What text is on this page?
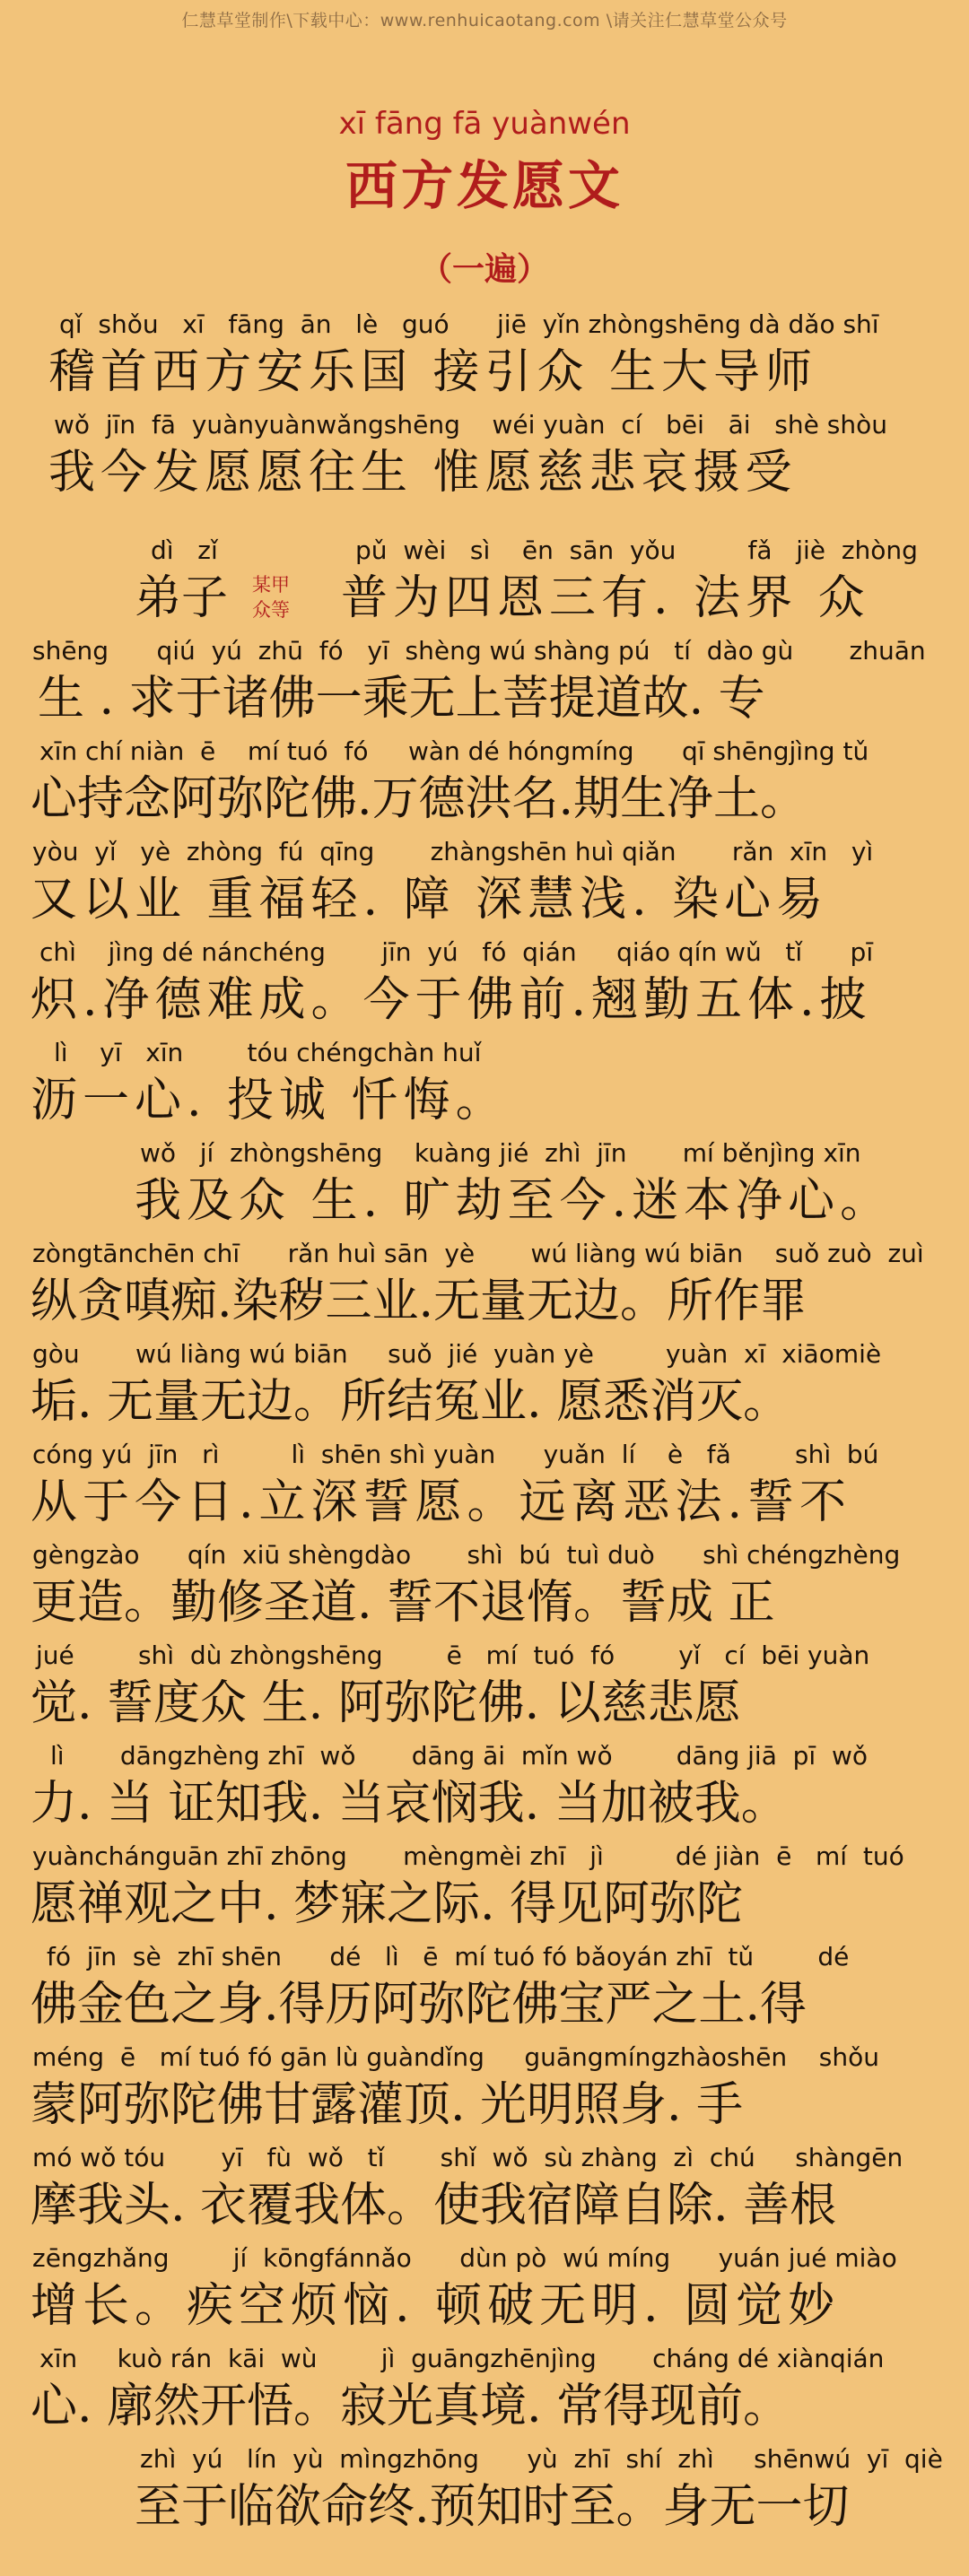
仁慧草堂制作\下载中心：www.renhuicaotang.com \请关注仁慧草堂公众号
xī fāng fā yuànwén
西方发愿文
（一遍）
qǐ  shǒu   xī   fāng  ān   lè   guó      jiē  yǐn zhòngshēng dà dǎo shī
稽首西方安乐国 接引众 生大导师
wǒ  jīn  fā  yuànyuànwǎngshēng    wéi yuàn  cí   bēi   āi   shè shòu
我今发愿愿往生 惟愿慈悲哀摄受
dì   zǐ
弟子	某甲
众等
pǔ  wèi   sì    ēn  sān  yǒu         fǎ   jiè  zhòng
普为四恩三有. 法界 众
shēng      qiú  yú  zhū  fó   yī  shèng wú shàng pú   tí  dào gù       zhuān
生 . 求于诸佛一乘无上菩提道故. 专
xīn chí niàn  ē    mí tuó  fó     wàn dé hóngmíng      qī shēngjìng tǔ
心持念阿弥陀佛.万德洪名.期生净土。
yòu  yǐ   yè  zhòng  fú  qīng       zhàngshēn huì qiǎn       rǎn  xīn   yì
又以业 重福轻. 障 深慧浅. 染心易
chì    jìng dé nánchéng       jīn  yú   fó  qián     qiáo qín wǔ   tǐ      pī
炽.净德难成。今于佛前.翘勤五体.披
lì    yī   xīn        tóu chéngchàn huǐ
沥一心. 投诚 忏悔。
wǒ   jí  zhòngshēng    kuàng jié  zhì  jīn       mí běnjìng xīn
我及众 生. 旷劫至今.迷本净心。
zòngtānchēn chī      rǎn huì sān  yè       wú liàng wú biān    suǒ zuò  zuì
纵贪嗔痴.染秽三业.无量无边。所作罪
gòu       wú liàng wú biān     suǒ  jié  yuàn yè         yuàn  xī  xiāomiè
垢. 无量无边。所结冤业. 愿悉消灭。
cóng yú  jīn   rì         lì  shēn shì yuàn      yuǎn  lí    è   fǎ        shì  bú
从于今日.立深誓愿。远离恶法.誓不
gèngzào      qín  xiū shèngdào       shì  bú  tuì duò      shì chéngzhèng
更造。勤修圣道. 誓不退惰。誓成 正
jué        shì  dù zhòngshēng        ē   mí  tuó  fó        yǐ   cí  bēi yuàn
觉. 誓度众 生. 阿弥陀佛. 以慈悲愿
lì       dāngzhèng zhī  wǒ       dāng āi  mǐn wǒ        dāng jiā  pī  wǒ
力. 当 证知我. 当哀悯我. 当加被我。
yuànchánguān zhī zhōng       mèngmèi zhī   jì         dé jiàn  ē   mí  tuó
愿禅观之中. 梦寐之际. 得见阿弥陀
fó  jīn  sè  zhī shēn      dé   lì   ē  mí tuó fó bǎoyán zhī  tǔ        dé
佛金色之身.得历阿弥陀佛宝严之土.得
méng  ē   mí tuó fó gān lù guàndǐng     guāngmíngzhàoshēn    shǒu
蒙阿弥陀佛甘露灌顶. 光明照身. 手
mó wǒ tóu       yī   fù  wǒ   tǐ       shǐ  wǒ  sù zhàng  zì  chú     shàngēn
摩我头. 衣覆我体。使我宿障自除. 善根
zēngzhǎng        jí  kōngfánnǎo      dùn pò  wú míng      yuán jué miào
增长。疾空烦恼. 顿破无明. 圆觉妙
xīn     kuò rán  kāi  wù        jì  guāngzhēnjìng       cháng dé xiànqián
心. 廓然开悟。寂光真境. 常得现前。
zhì  yú   lín  yù  mìngzhōng      yù  zhī  shí  zhì     shēnwú  yī  qiè
至于临欲命终.预知时至。身无一切
